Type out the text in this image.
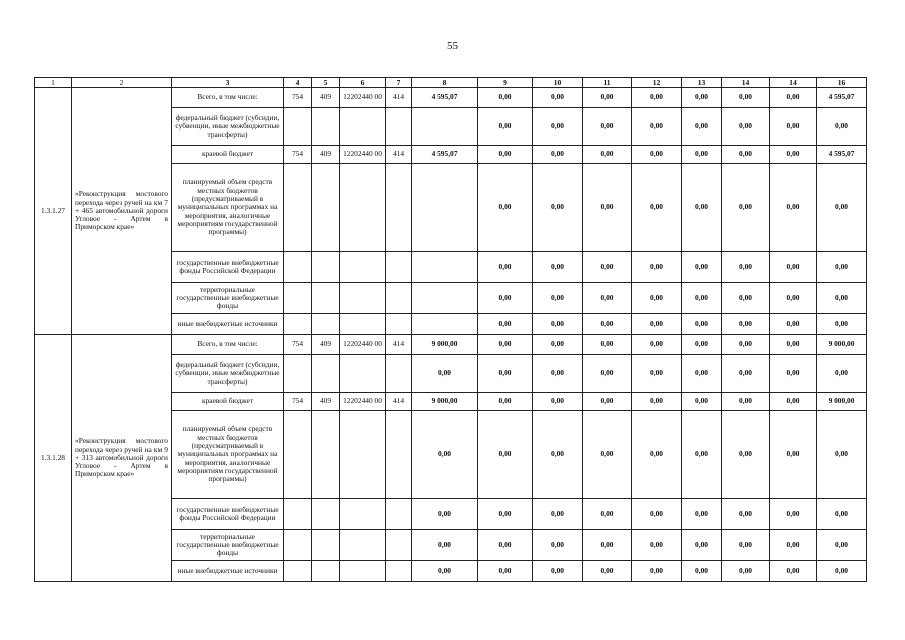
55
1	2	3	4	5	6	7	8	9	10	11	12	13	14	14	16
1.3.1.27	«Реконструкция мостового перехода через ручей на км 7 + 465 автомобильной дороги Угловое - Артем в Приморском крае»	Всего, в том числе:	754	409	12202440 00	414	4 595,07	0,00	0,00	0,00	0,00	0,00	0,00	0,00	4 595,07
		федеральный бюджет (субсидии, субвенции, иные межбюджетные трансферты)						0,00	0,00	0,00	0,00	0,00	0,00	0,00	0,00
		краевой бюджет	754	409	12202440 00	414	4 595,07	0,00	0,00	0,00	0,00	0,00	0,00	0,00	4 595,07
		планируемый объем средств местных бюджетов (предусматриваемый в муниципальных программах на мероприятия, аналогичные мероприятиям государственной программы)						0,00	0,00	0,00	0,00	0,00	0,00	0,00	0,00
		государственные внебюджетные фонды Российской Федерации						0,00	0,00	0,00	0,00	0,00	0,00	0,00	0,00
		территориальные государственные внебюджетные фонды						0,00	0,00	0,00	0,00	0,00	0,00	0,00	0,00
		иные внебюджетные источники						0,00	0,00	0,00	0,00	0,00	0,00	0,00	0,00
1.3.1.28	«Реконструкция мостового перехода через ручей на км 9 + 313 автомобильной дороги Угловое - Артем в Приморском крае»	Всего, в том числе:	754	409	12202440 00	414	9 000,00	0,00	0,00	0,00	0,00	0,00	0,00	0,00	9 000,00
		федеральный бюджет (субсидии, субвенции, иные межбюджетные трансферты)					0,00	0,00	0,00	0,00	0,00	0,00	0,00	0,00	0,00
		краевой бюджет	754	409	12202440 00	414	9 000,00	0,00	0,00	0,00	0,00	0,00	0,00	0,00	9 000,00
		планируемый объем средств местных бюджетов (предусматриваемый в муниципальных программах на мероприятия, аналогичные мероприятиям государственной программы)					0,00	0,00	0,00	0,00	0,00	0,00	0,00	0,00	0,00
		государственные внебюджетные фонды Российской Федерации					0,00	0,00	0,00	0,00	0,00	0,00	0,00	0,00	0,00
		территориальные государственные внебюджетные фонды					0,00	0,00	0,00	0,00	0,00	0,00	0,00	0,00	0,00
		иные внебюджетные источники					0,00	0,00	0,00	0,00	0,00	0,00	0,00	0,00	0,00
